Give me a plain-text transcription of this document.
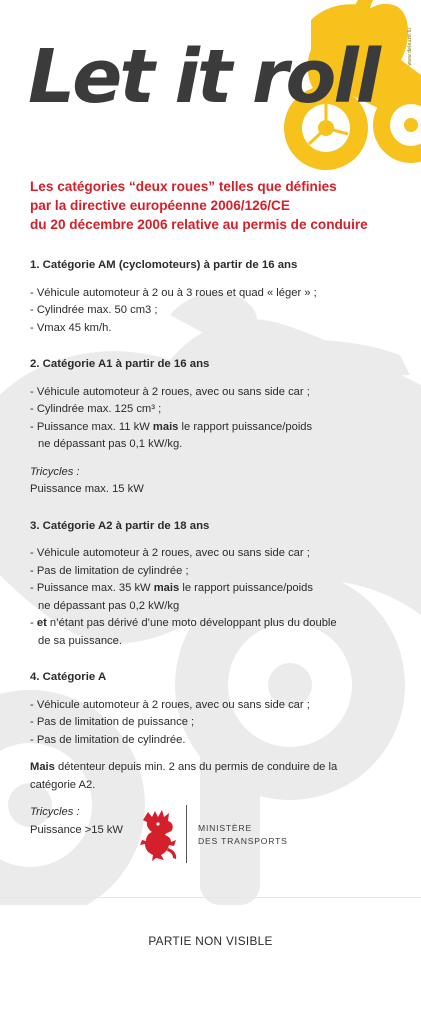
www.deleuze.lu
Let it roll
Les catégories “deux roues” telles que définies
par la directive européenne 2006/126/CE
du 20 décembre 2006 relative au permis de conduire

1. Catégorie AM (cyclomoteurs) à partir de 16 ans

- Véhicule automoteur à 2 ou à 3 roues et quad « léger » ;

- Cylindrée max. 50 cm3 ;

- Vmax 45 km/h.

2. Catégorie A1 à partir de 16 ans

- Véhicule automoteur à 2 roues, avec ou sans side car ;

- Cylindrée max. 125 cm³ ;

- Puissance max. 11 kW mais le rapport puissance/poids
ne dépassant pas 0,1 kW/kg.

Tricycles :

Puissance max. 15 kW

3. Catégorie A2 à partir de 18 ans

- Véhicule automoteur à 2 roues, avec ou sans side car ;

- Pas de limitation de cylindrée ;

- Puissance max. 35 kW mais le rapport puissance/poids
ne dépassant pas 0,2 kW/kg

- et n’étant pas dérivé d’une moto développant plus du double
de sa puissance.

4. Catégorie A

- Véhicule automoteur à 2 roues, avec ou sans side car ;

- Pas de limitation de puissance ;

- Pas de limitation de cylindrée.

Mais détenteur depuis min. 2 ans du permis de conduire de la

catégorie A2.

Tricycles :

Puissance >15 kW	MINISTÈRE
DES TRANSPORTS
PARTIE NON VISIBLE
